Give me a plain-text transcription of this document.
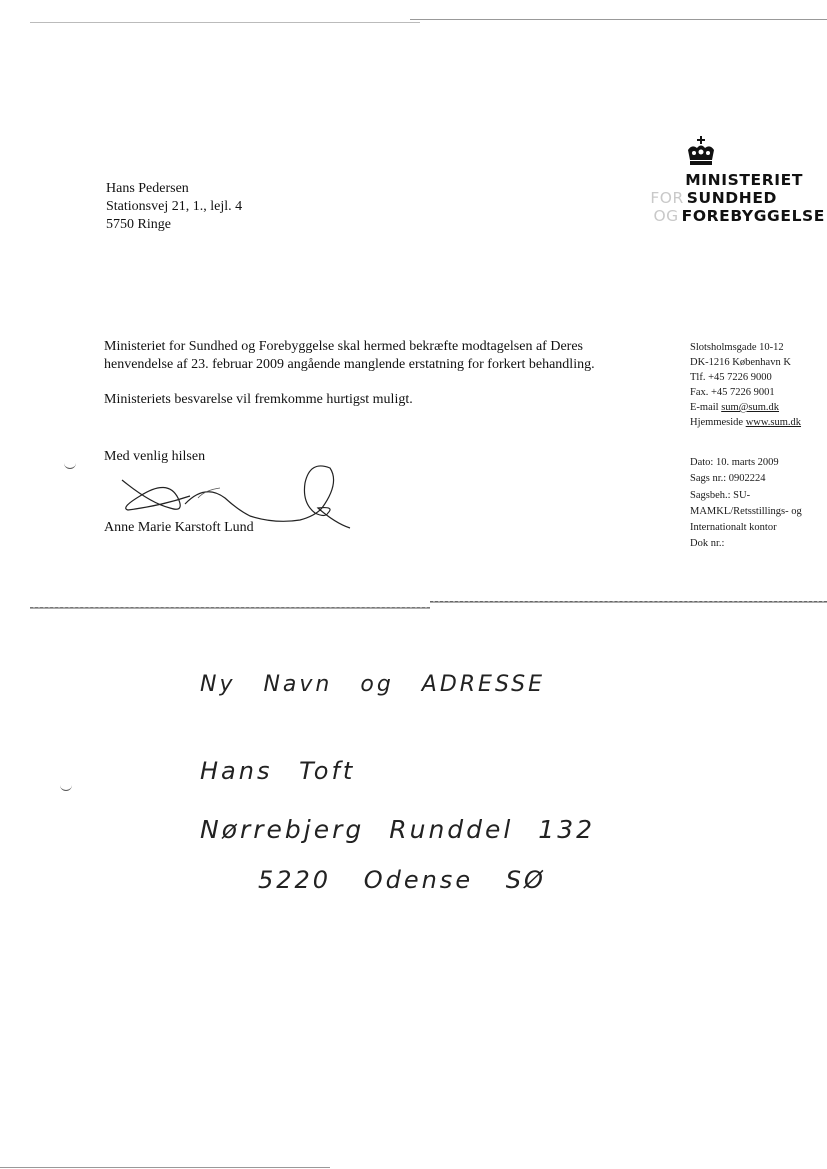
Hans Pedersen
Stationsvej 21, 1., lejl. 4
5750 Ringe
MINISTERIET
FOR SUNDHED
OG FOREBYGGELSE
Ministeriet for Sundhed og Forebyggelse skal hermed bekræfte modtagelsen af Deres
henvendelse af 23. februar 2009 angående manglende erstatning for forkert behandling.
Ministeriets besvarelse vil fremkomme hurtigst muligt.
Med venlig hilsen
Anne Marie Karstoft Lund
Slotsholmsgade 10-12
DK-1216 København K
Tlf. +45 7226 9000
Fax. +45 7226 9001
E-mail sum@sum.dk
Hjemmeside www.sum.dk
Dato: 10. marts 2009
Sags nr.: 0902224
Sagsbeh.: SU-
MAMKL/Retsstillings- og
Internationalt kontor
Dok nr.:
Ny Navn og ADRESSE
Hans Toft
Nørrebjerg Runddel 132
5220 Odense SØ
